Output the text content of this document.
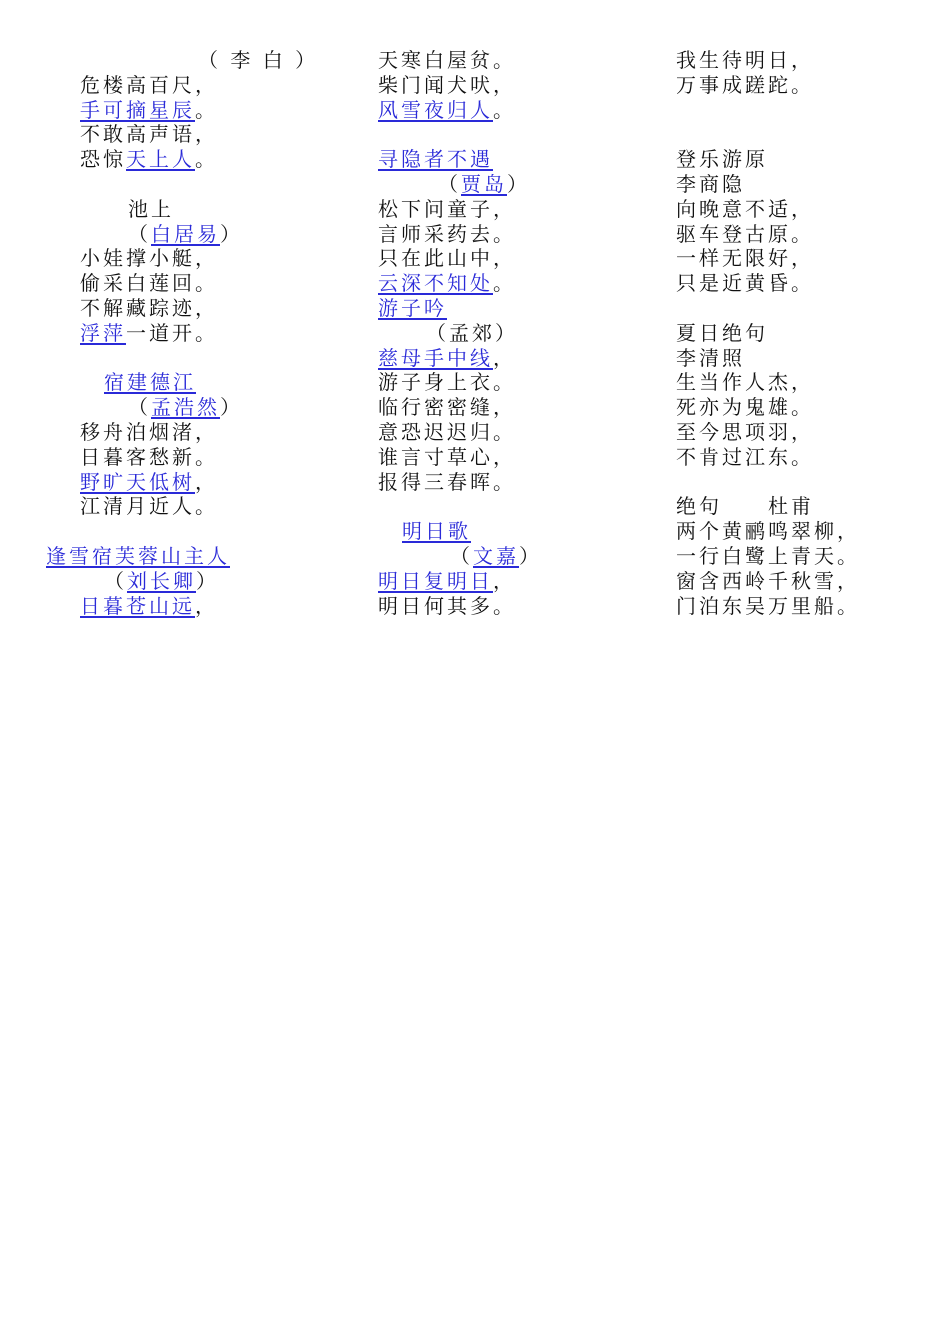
（ 李 白 ）
危楼高百尺，
手可摘星辰。
不敢高声语，
恐惊天上人。
池上
（白居易）
小娃撑小艇，
偷采白莲回。
不解藏踪迹，
浮萍一道开。
宿建德江
（孟浩然）
移舟泊烟渚，
日暮客愁新。
野旷天低树，
江清月近人。
逢雪宿芙蓉山主人
（刘长卿）
日暮苍山远，
天寒白屋贫。
柴门闻犬吠，
风雪夜归人。
寻隐者不遇
（贾岛）
松下问童子，
言师采药去。
只在此山中，
云深不知处。
游子吟
（孟郊）
慈母手中线，
游子身上衣。
临行密密缝，
意恐迟迟归。
谁言寸草心，
报得三春晖。
明日歌
（文嘉）
明日复明日，
明日何其多。
我生待明日，
万事成蹉跎。
登乐游原
李商隐
向晚意不适，
驱车登古原。
一样无限好，
只是近黄昏。
夏日绝句
李清照
生当作人杰，
死亦为鬼雄。
至今思项羽，
不肯过江东。
绝句　　杜甫
两个黄鹂鸣翠柳，
一行白鹭上青天。
窗含西岭千秋雪，
门泊东吴万里船。
